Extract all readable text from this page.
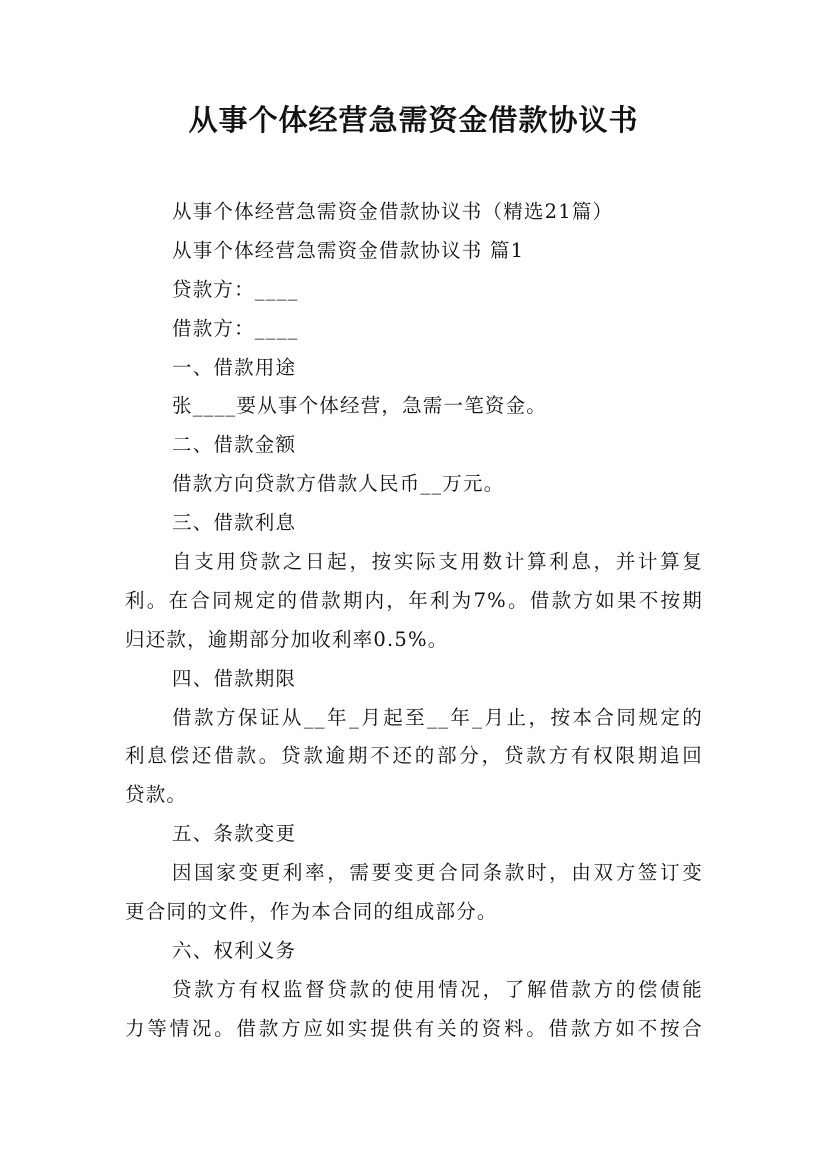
从事个体经营急需资金借款协议书
从事个体经营急需资金借款协议书（精选21篇）
从事个体经营急需资金借款协议书 篇1
贷款方：____
借款方：____
一、借款用途
张____要从事个体经营，急需一笔资金。
二、借款金额
借款方向贷款方借款人民币__万元。
三、借款利息
自支用贷款之日起，按实际支用数计算利息，并计算复
利。在合同规定的借款期内，年利为7%。借款方如果不按期
归还款，逾期部分加收利率0.5%。
四、借款期限
借款方保证从__年_月起至__年_月止，按本合同规定的
利息偿还借款。贷款逾期不还的部分，贷款方有权限期追回
贷款。
五、条款变更
因国家变更利率，需要变更合同条款时，由双方签订变
更合同的文件，作为本合同的组成部分。
六、权利义务
贷款方有权监督贷款的使用情况，了解借款方的偿债能
力等情况。借款方应如实提供有关的资料。借款方如不按合
